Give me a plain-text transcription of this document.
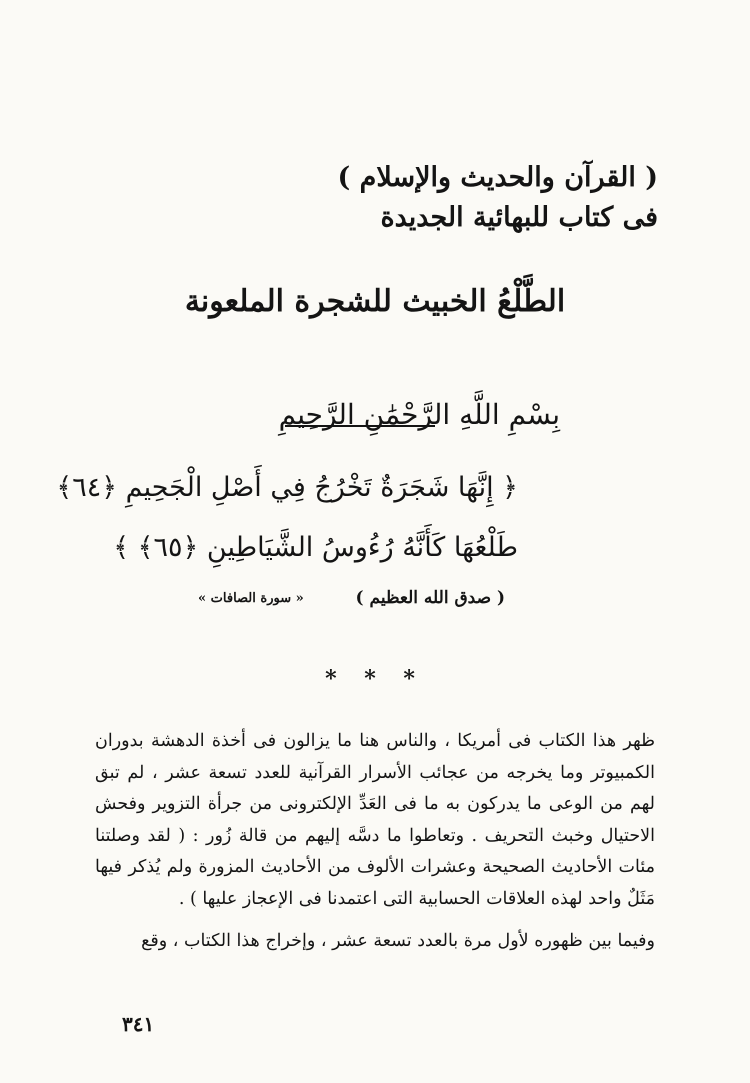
( القرآن والحديث والإسلام )
فى كتاب للبهائية الجديدة
الطَّلْعُ الخبيث للشجرة الملعونة
بِسْمِ اللَّهِ الرَّحْمَٰنِ الرَّحِيمِ
﴿ إِنَّهَا شَجَرَةٌ تَخْرُجُ فِي أَصْلِ الْجَحِيمِ ﴿٦٤﴾
طَلْعُهَا كَأَنَّهُ رُءُوسُ الشَّيَاطِينِ ﴿٦٥﴾ ﴾
( صدق الله العظيم )
« سورة الصافات »
* * *
ظهر هذا الكتاب فى أمريكا ، والناس هنا ما يزالون فى أخذة الدهشة بدوران الكمبيوتر وما يخرجه من عجائب الأسرار القرآنية للعدد تسعة عشر ، لم تبق لهم من الوعى ما يدركون به ما فى العَدِّ الإلكترونى من جرأة التزوير وفحش الاحتيال وخبث التحريف . وتعاطوا ما دسَّه إليهم من قالة زُور : ( لقد وصلتنا مئات الأحاديث الصحيحة وعشرات الألوف من الأحاديث المزورة ولم يُذكر فيها مَثَلٌ واحد لهذه العلاقات الحسابية التى اعتمدنا فى الإعجاز عليها ) .
وفيما بين ظهوره لأول مرة بالعدد تسعة عشر ، وإخراج هذا الكتاب ، وقع
٣٤١
